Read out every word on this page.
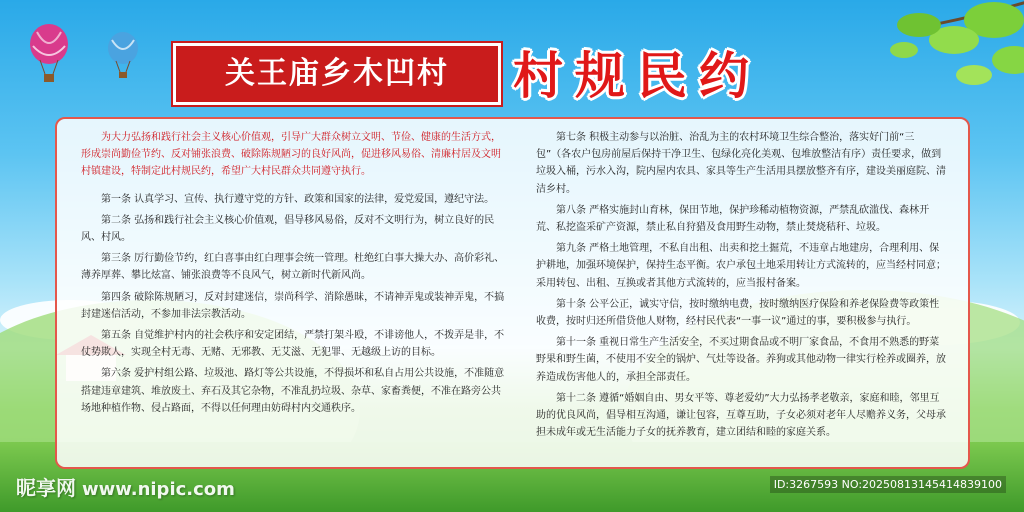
关王庙乡木凹村	村规民约

为大力弘扬和践行社会主义核心价值观，引导广大群众树立文明、节俭、健康的生活方式，形成崇尚勤俭节约、反对铺张浪费、破除陈规陋习的良好风尚，促进移风易俗、清廉村居及文明村镇建设，特制定此村规民约，希望广大村民群众共同遵守执行。

第一条 认真学习、宣传、执行遵守党的方针、政策和国家的法律，爱党爱国，遵纪守法。

第二条 弘扬和践行社会主义核心价值观，倡导移风易俗，反对不文明行为，树立良好的民风、村风。

第三条 厉行勤俭节约，红白喜事由红白理事会统一管理。杜绝红白事大操大办、高价彩礼、薄养厚葬、攀比炫富、铺张浪费等不良风气，树立新时代新风尚。

第四条 破除陈规陋习，反对封建迷信，崇尚科学、消除愚昧，不请神弄鬼或装神弄鬼，不搞封建迷信活动，不参加非法宗教活动。

第五条 自觉维护村内的社会秩序和安定团结，严禁打架斗殴，不诽谤他人，不拨弄是非，不仗势欺人，实现全村无毒、无赌、无邪教、无艾滋、无犯罪、无越级上访的目标。

第六条 爱护村组公路、垃圾池、路灯等公共设施，不得损坏和私自占用公共设施，不准随意搭建违章建筑、堆放废土、弃石及其它杂物，不准乱扔垃圾、杂草、家畜粪便，不准在路旁公共场地种植作物、侵占路面，不得以任何理由妨碍村内交通秩序。

第七条 积极主动参与以治脏、治乱为主的农村环境卫生综合整治，落实好门前“三包”（各农户包房前屋后保持干净卫生、包绿化亮化美观、包堆放整洁有序）责任要求，做到垃圾入桶，污水入沟，院内屋内农具、家具等生产生活用具摆放整齐有序，建设美丽庭院、清洁乡村。

第八条 严格实施封山育林，保田节地，保护珍稀动植物资源，严禁乱砍滥伐、森林开荒、私挖盗采矿产资源，禁止私自狩猎及食用野生动物，禁止焚烧秸秆、垃圾。

第九条 严格土地管理，不私自出租、出卖和挖土掘荒，不违章占地建房，合理利用、保护耕地，加强环境保护，保持生态平衡。农户承包土地采用转让方式流转的，应当经村同意；采用转包、出租、互换或者其他方式流转的，应当报村备案。

第十条 公平公正，诚实守信，按时缴纳电费，按时缴纳医疗保险和养老保险费等政策性收费，按时归还所借贷他人财物，经村民代表“一事一议”通过的事，要积极参与执行。

第十一条 重视日常生产生活安全，不买过期食品或不明厂家食品，不食用不熟悉的野菜野果和野生菌，不使用不安全的锅炉、气灶等设备。养狗或其他动物一律实行栓养或圈养，放养造成伤害他人的，承担全部责任。

第十二条 遵循“婚姻自由、男女平等、尊老爱幼”大力弘扬孝老敬亲，家庭和睦，邻里互助的优良风尚，倡导相互沟通，谦让包容，互尊互助，子女必须对老年人尽赡养义务，父母承担未成年或无生活能力子女的抚养教育，建立团结和睦的家庭关系。

昵享网 www.nipic.com	ID:3267593 NO:20250813145414839100
